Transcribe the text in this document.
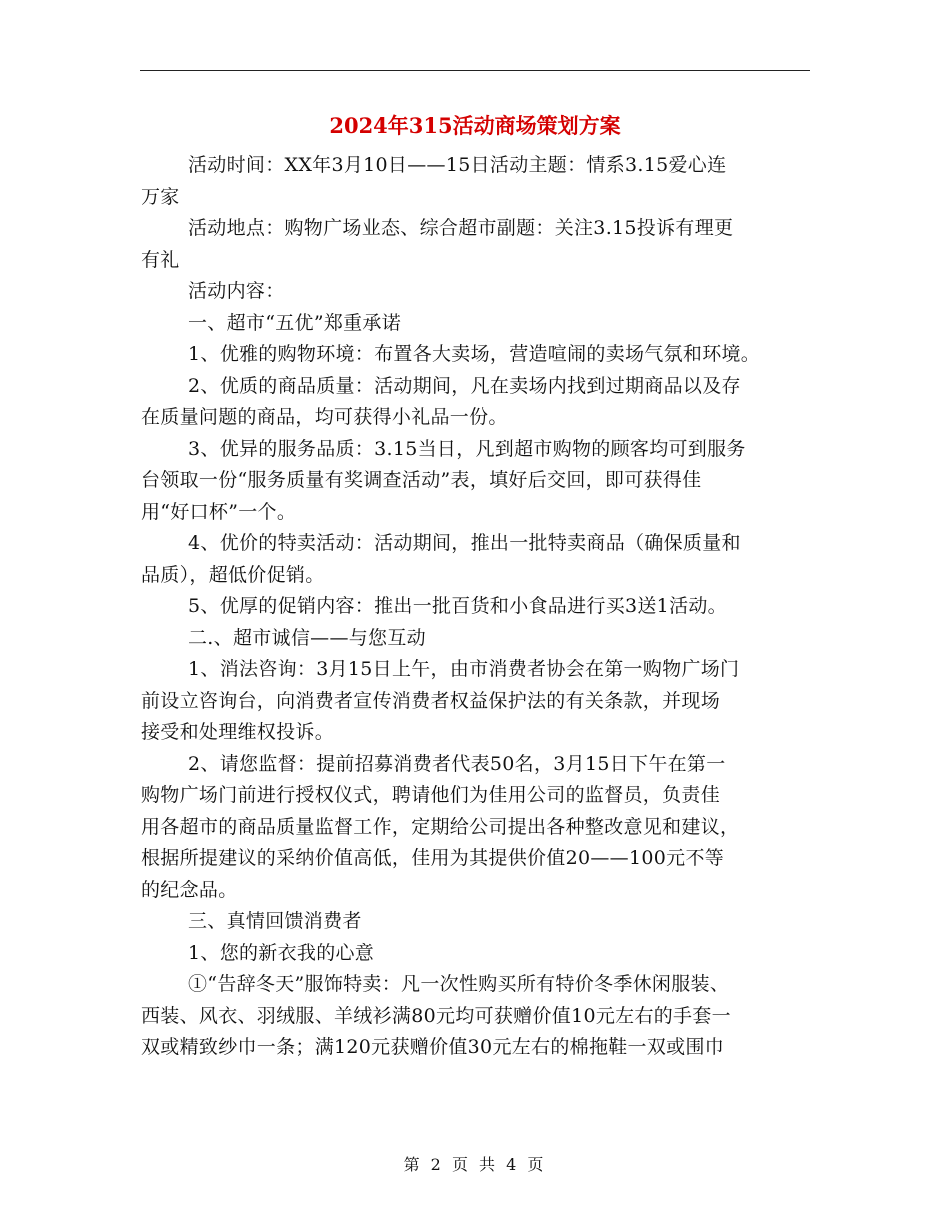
2024年315活动商场策划方案

活动时间：XX年3月10日——15日活动主题：情系3.15爱心连

万家

活动地点：购物广场业态、综合超市副题：关注3.15投诉有理更

有礼

活动内容：

一、超市“五优”郑重承诺

1、优雅的购物环境：布置各大卖场，营造喧闹的卖场气氛和环境。

2、优质的商品质量：活动期间，凡在卖场内找到过期商品以及存

在质量问题的商品，均可获得小礼品一份。

3、优异的服务品质：3.15当日，凡到超市购物的顾客均可到服务

台领取一份“服务质量有奖调查活动”表，填好后交回，即可获得佳

用“好口杯”一个。

4、优价的特卖活动：活动期间，推出一批特卖商品（确保质量和

品质），超低价促销。

5、优厚的促销内容：推出一批百货和小食品进行买3送1活动。

二.、超市诚信——与您互动

1、消法咨询：3月15日上午，由市消费者协会在第一购物广场门

前设立咨询台，向消费者宣传消费者权益保护法的有关条款，并现场

接受和处理维权投诉。

2、请您监督：提前招募消费者代表50名，3月15日下午在第一

购物广场门前进行授权仪式，聘请他们为佳用公司的监督员，负责佳

用各超市的商品质量监督工作，定期给公司提出各种整改意见和建议，

根据所提建议的采纳价值高低，佳用为其提供价值20——100元不等

的纪念品。

三、真情回馈消费者

1、您的新衣我的心意

①“告辞冬天”服饰特卖：凡一次性购买所有特价冬季休闲服装、

西装、风衣、羽绒服、羊绒衫满80元均可获赠价值10元左右的手套一

双或精致纱巾一条；满120元获赠价值30元左右的棉拖鞋一双或围巾

第 2 页 共 4 页
